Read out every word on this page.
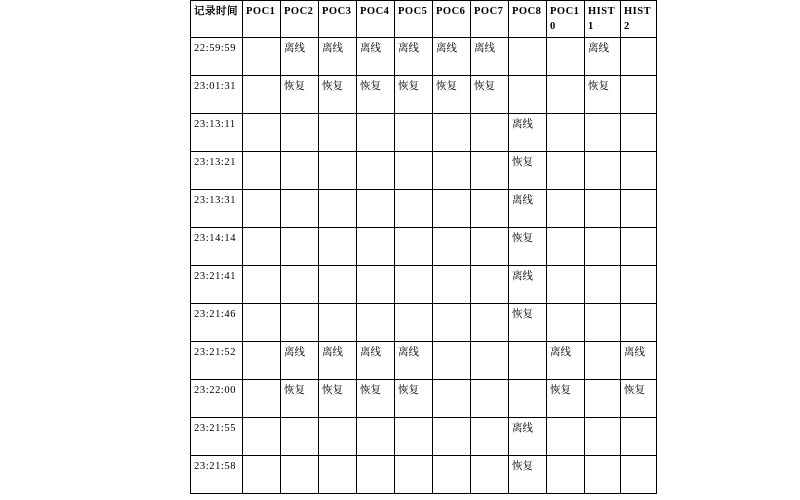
记录时间	POC1	POC2	POC3	POC4	POC5	POC6	POC7	POC8	POC10	HIST1	HIST2
22:59:59		离线	离线	离线	离线	离线	离线			离线	
23:01:31		恢复	恢复	恢复	恢复	恢复	恢复			恢复	
23:13:11								离线			
23:13:21								恢复			
23:13:31								离线			
23:14:14								恢复			
23:21:41								离线			
23:21:46								恢复			
23:21:52		离线	离线	离线	离线				离线		离线
23:22:00		恢复	恢复	恢复	恢复				恢复		恢复
23:21:55								离线			
23:21:58								恢复			
